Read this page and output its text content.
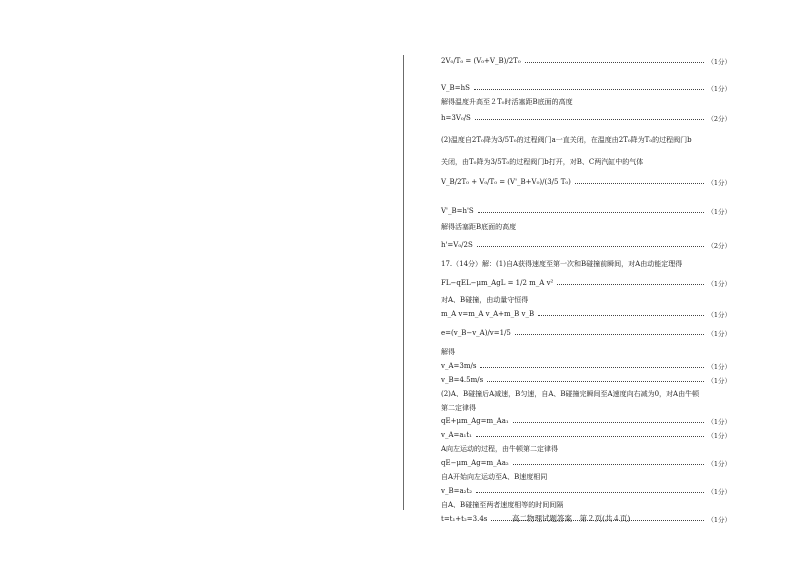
2V₀/T₀ = (V₀+V_B)/2T₀	（1分）
V_B=hS	（1分）
解得温度升高至２T₀时活塞距B底面的高度
h=3V₀/S	（2分）
(2)温度自2T₀降为3/5T₀的过程阀门a一直关闭，在温度由2T₀降为T₀的过程阀门b
关闭，由T₀降为3/5T₀的过程阀门b打开，对B、C两汽缸中的气体
V_B/2T₀ + V₀/T₀ = (V'_B+V₀)/(3/5 T₀)	（1分）
V'_B=h'S	（1分）
解得活塞距B底面的高度
h'=V₀/2S	（2分）
17.（14分）解：(1)自A获得速度至第一次和B碰撞前瞬间，对A由动能定理得
FL−qEL−μm_AgL = 1/2 m_A v²	（1分）
对A、B碰撞，由动量守恒得
m_A v=m_A v_A+m_B v_B	（1分）
e=(v_B−v_A)/v=1/5	（1分）
解得
v_A=3m/s	（1分）
v_B=4.5m/s	（1分）
(2)A、B碰撞后A减速，B匀速，自A、B碰撞完瞬间至A速度向右减为0，对A由牛顿
第二定律得
qE+μm_Ag=m_Aa₁	（1分）
v_A=a₁t₁	（1分）
A向左运动的过程，由牛顿第二定律得
qE−μm_Ag=m_Aa₂	（1分）
自A开始向左运动至A、B速度相同
v_B=a₂t₂	（1分）
自A、B碰撞至两者速度相等的时间间隔
t=t₁+t₂=3.4s	（1分）
高二物理试题答案　第２页(共４页)
